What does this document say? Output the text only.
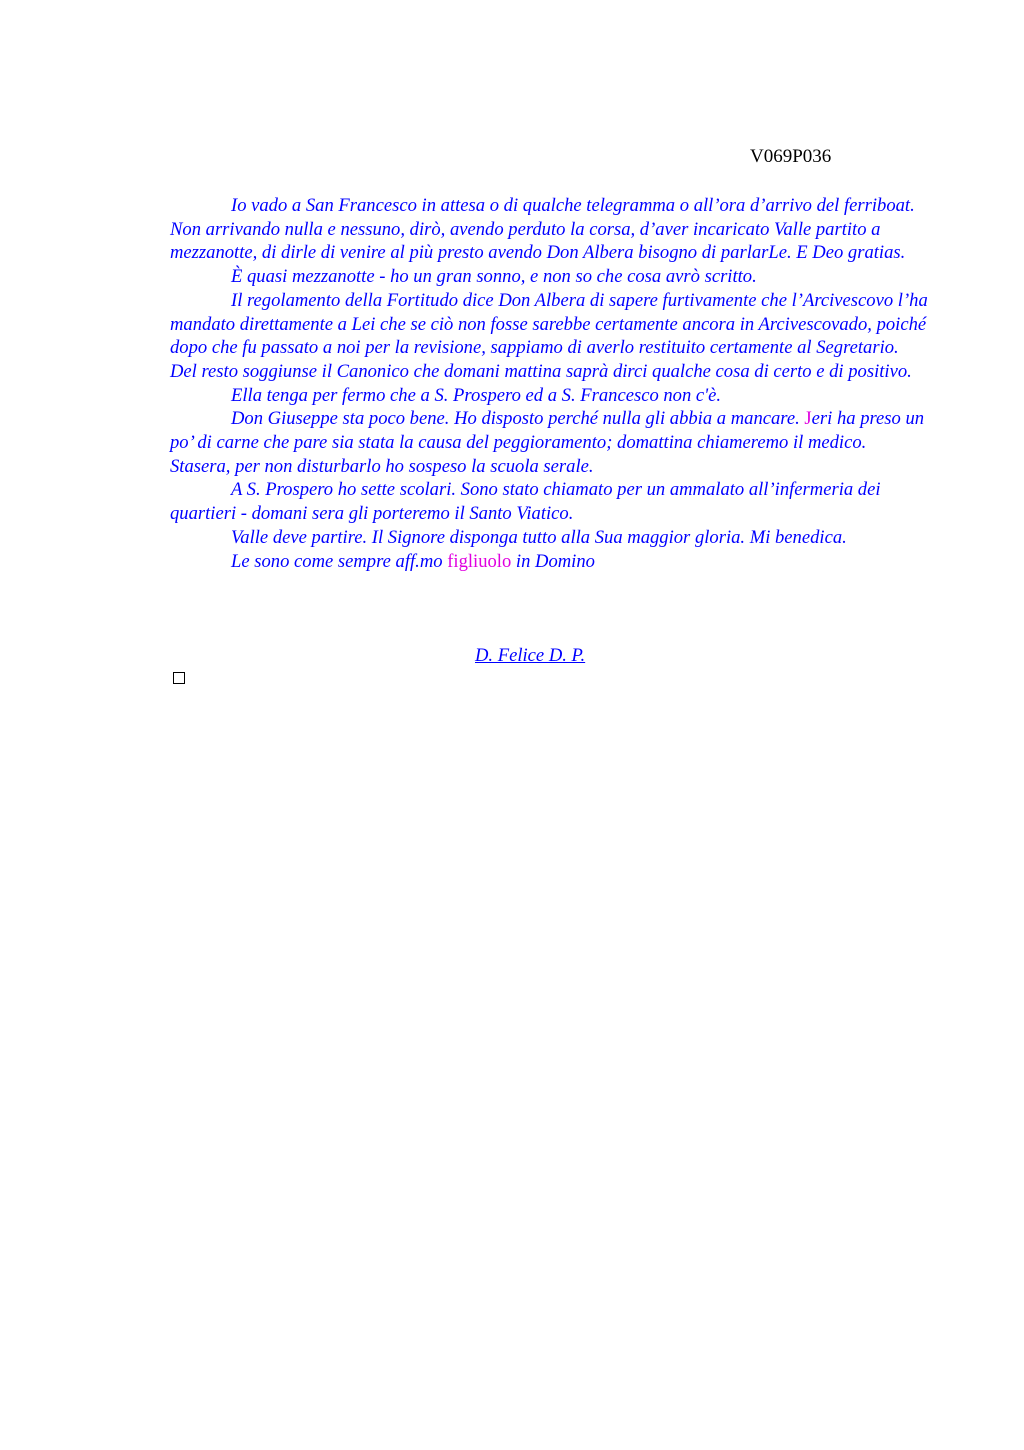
V069P036

Io vado a San Francesco in attesa o di qualche telegramma o all’ora d’arrivo del ferriboat. Non arrivando nulla e nessuno, dirò, avendo perduto la corsa, d’aver incaricato Valle partito a mezzanotte, di dirle di venire al più presto avendo Don Albera bisogno di parlarLe. E Deo gratias.

È quasi mezzanotte - ho un gran sonno, e non so che cosa avrò scritto.

Il regolamento della Fortitudo dice Don Albera di sapere furtivamente che l’Arcivescovo l’ha mandato direttamente a Lei che se ciò non fosse sarebbe certamente ancora in Arcivescovado, poiché dopo che fu passato a noi per la revisione, sappiamo di averlo restituito certamente al Segretario. Del resto soggiunse il Canonico che domani mattina saprà dirci qualche cosa di certo e di positivo.

Ella tenga per fermo che a S. Prospero ed a S. Francesco non c'è.

Don Giuseppe sta poco bene. Ho disposto perché nulla gli abbia a mancare. Jeri ha preso un po’ di carne che pare sia stata la causa del peggioramento; domattina chiameremo il medico. Stasera, per non disturbarlo ho sospeso la scuola serale.

A S. Prospero ho sette scolari. Sono stato chiamato per un ammalato all’infermeria dei quartieri - domani sera gli porteremo il Santo Viatico.

Valle deve partire. Il Signore disponga tutto alla Sua maggior gloria. Mi benedica.

Le sono come sempre aff.mo figliuolo in Domino

D. Felice D. P.
